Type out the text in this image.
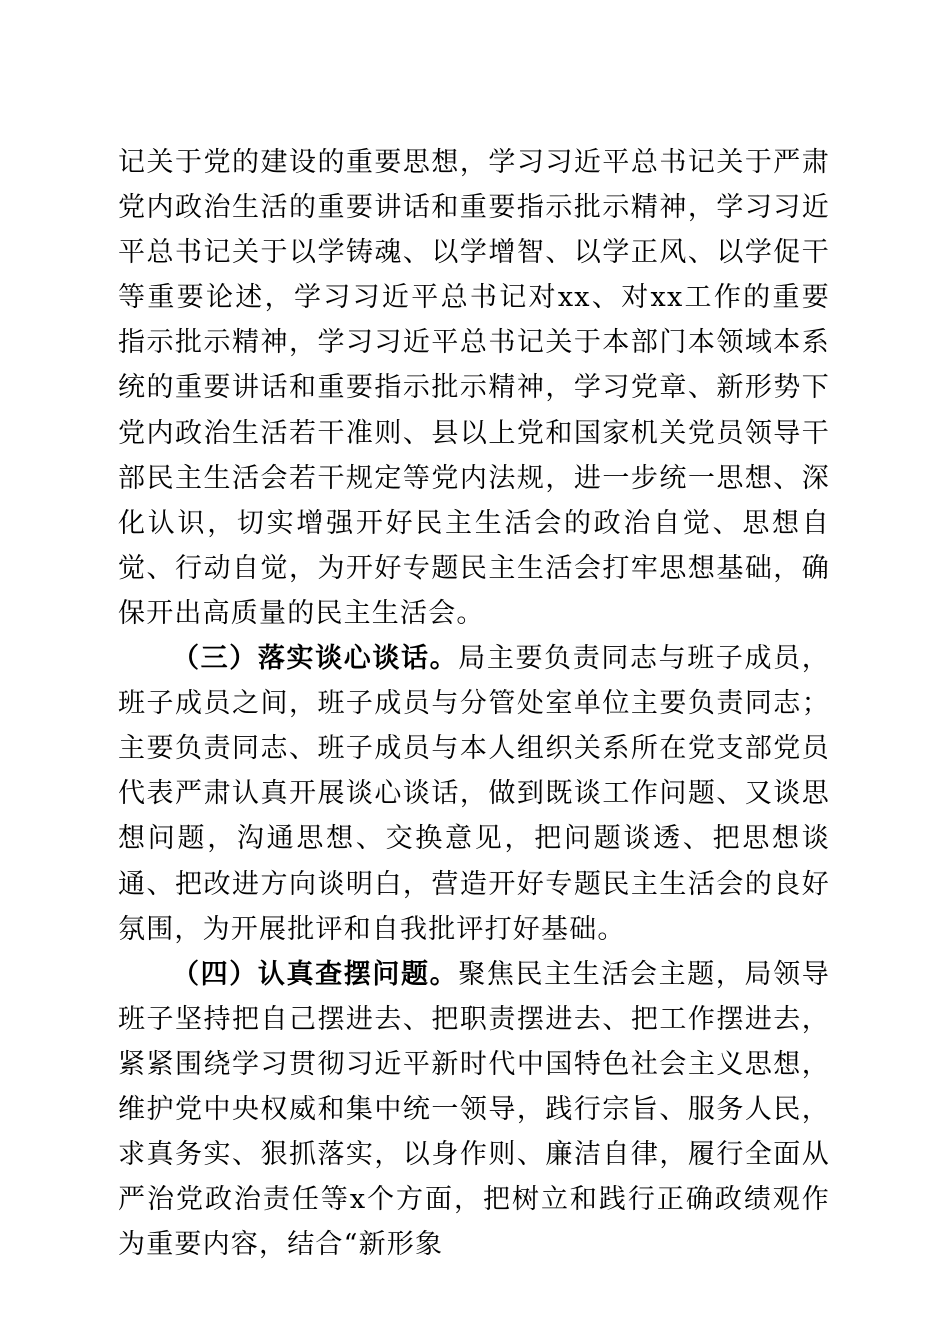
记关于党的建设的重要思想，学习习近平总书记关于严肃党内政治生活的重要讲话和重要指示批示精神，学习习近平总书记关于以学铸魂、以学增智、以学正风、以学促干等重要论述，学习习近平总书记对xx、对xx工作的重要指示批示精神，学习习近平总书记关于本部门本领域本系统的重要讲话和重要指示批示精神，学习党章、新形势下党内政治生活若干准则、县以上党和国家机关党员领导干部民主生活会若干规定等党内法规，进一步统一思想、深化认识，切实增强开好民主生活会的政治自觉、思想自觉、行动自觉，为开好专题民主生活会打牢思想基础，确保开出高质量的民主生活会。

（三）落实谈心谈话。局主要负责同志与班子成员，班子成员之间，班子成员与分管处室单位主要负责同志；主要负责同志、班子成员与本人组织关系所在党支部党员代表严肃认真开展谈心谈话，做到既谈工作问题、又谈思想问题，沟通思想、交换意见，把问题谈透、把思想谈通、把改进方向谈明白，营造开好专题民主生活会的良好氛围，为开展批评和自我批评打好基础。

（四）认真查摆问题。聚焦民主生活会主题，局领导班子坚持把自己摆进去、把职责摆进去、把工作摆进去，紧紧围绕学习贯彻习近平新时代中国特色社会主义思想，维护党中央权威和集中统一领导，践行宗旨、服务人民，求真务实、狠抓落实，以身作则、廉洁自律，履行全面从严治党政治责任等x个方面，把树立和践行正确政绩观作为重要内容，结合“新形象
